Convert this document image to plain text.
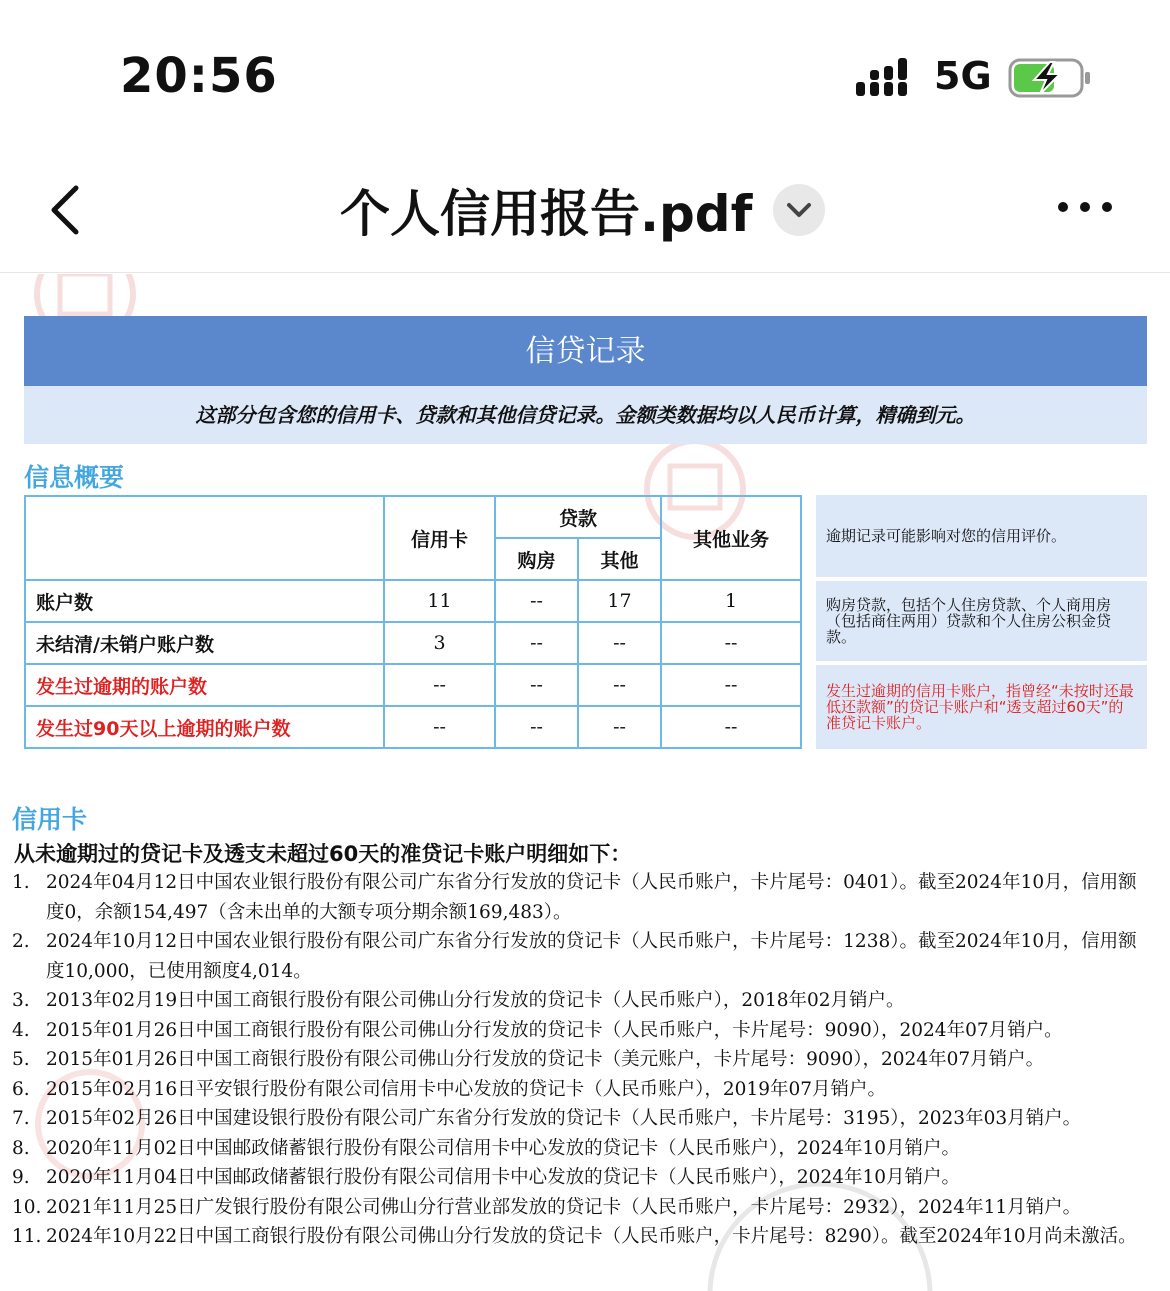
20:56	5G
个人信用报告.pdf
信贷记录
这部分包含您的信用卡、贷款和其他信贷记录。金额类数据均以人民币计算，精确到元。
信息概要
	信用卡	贷款		其他业务
		购房	其他	
账户数	11	--	17	1
未结清/未销户账户数	3	--	--	--
发生过逾期的账户数	--	--	--	--
发生过90天以上逾期的账户数	--	--	--	--
逾期记录可能影响对您的信用评价。
购房贷款，包括个人住房贷款、个人商用房（包括商住两用）贷款和个人住房公积金贷款。
发生过逾期的信用卡账户，指曾经“未按时还最低还款额”的贷记卡账户和“透支超过60天”的准贷记卡账户。
信用卡
从未逾期过的贷记卡及透支未超过60天的准贷记卡账户明细如下：
1. 2024年04月12日中国农业银行股份有限公司广东省分行发放的贷记卡（人民币账户，卡片尾号：0401）。截至2024年10月，信用额度0，余额154,497（含未出单的大额专项分期余额169,483）。
2. 2024年10月12日中国农业银行股份有限公司广东省分行发放的贷记卡（人民币账户，卡片尾号：1238）。截至2024年10月，信用额度10,000，已使用额度4,014。
3. 2013年02月19日中国工商银行股份有限公司佛山分行发放的贷记卡（人民币账户），2018年02月销户。
4. 2015年01月26日中国工商银行股份有限公司佛山分行发放的贷记卡（人民币账户，卡片尾号：9090），2024年07月销户。
5. 2015年01月26日中国工商银行股份有限公司佛山分行发放的贷记卡（美元账户，卡片尾号：9090），2024年07月销户。
6. 2015年02月16日平安银行股份有限公司信用卡中心发放的贷记卡（人民币账户），2019年07月销户。
7. 2015年02月26日中国建设银行股份有限公司广东省分行发放的贷记卡（人民币账户，卡片尾号：3195），2023年03月销户。
8. 2020年11月02日中国邮政储蓄银行股份有限公司信用卡中心发放的贷记卡（人民币账户），2024年10月销户。
9. 2020年11月04日中国邮政储蓄银行股份有限公司信用卡中心发放的贷记卡（人民币账户），2024年10月销户。
10. 2021年11月25日广发银行股份有限公司佛山分行营业部发放的贷记卡（人民币账户，卡片尾号：2932），2024年11月销户。
11. 2024年10月22日中国工商银行股份有限公司佛山分行发放的贷记卡（人民币账户，卡片尾号：8290）。截至2024年10月尚未激活。
